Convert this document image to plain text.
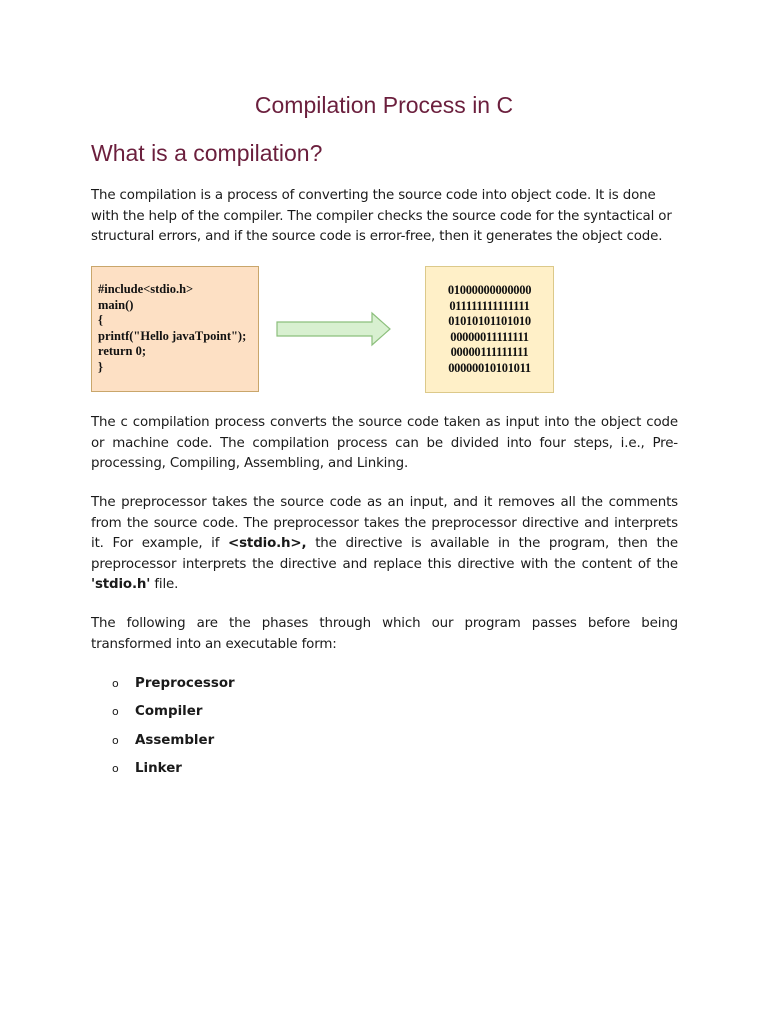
Compilation Process in C
What is a compilation?

The compilation is a process of converting the source code into object code. It is done with the help of the compiler. The compiler checks the source code for the syntactical or structural errors, and if the source code is error-free, then it generates the object code.

#include<stdio.h>
main()
{
printf("Hello javaTpoint");
return 0;
}
01000000000000
011111111111111
01010101101010
00000011111111
00000111111111
00000010101011

The c compilation process converts the source code taken as input into the object code or machine code. The compilation process can be divided into four steps, i.e., Pre-processing, Compiling, Assembling, and Linking.

The preprocessor takes the source code as an input, and it removes all the comments from the source code. The preprocessor takes the preprocessor directive and interprets it. For example, if <stdio.h>, the directive is available in the program, then the preprocessor interprets the directive and replace this directive with the content of the 'stdio.h' file.

The following are the phases through which our program passes before being transformed into an executable form:

o Preprocessor
o Compiler
o Assembler
o Linker
